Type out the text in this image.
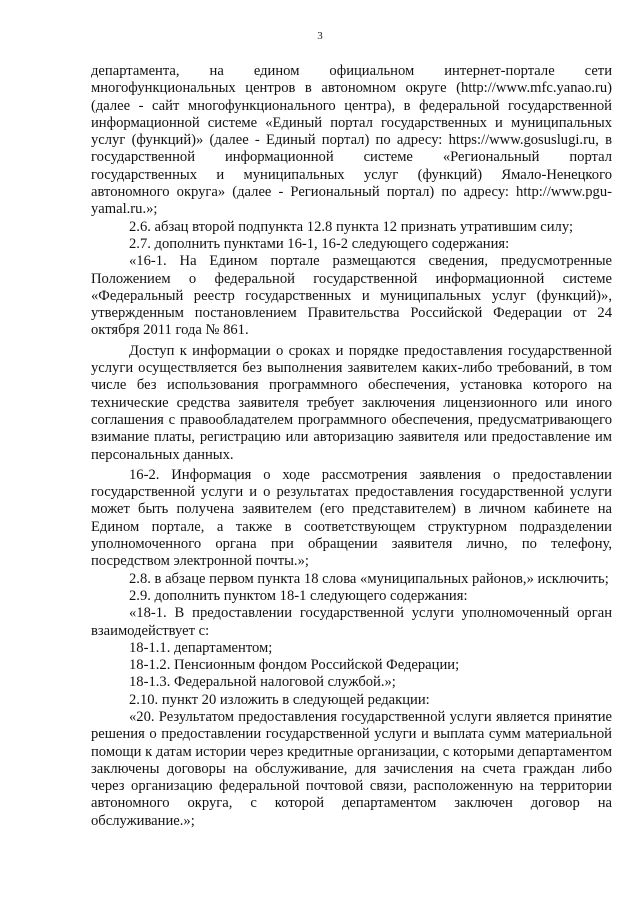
3

департамента, на едином официальном интернет-портале сети многофункциональных центров в автономном округе (http://www.mfc.yanao.ru) (далее - сайт многофункционального центра), в федеральной государственной информационной системе «Единый портал государственных и муниципальных услуг (функций)» (далее - Единый портал) по адресу: https://www.gosuslugi.ru, в государственной информационной системе «Региональный портал государственных и муниципальных услуг (функций) Ямало-Ненецкого автономного округа» (далее - Региональный портал) по адресу: http://www.pgu-yamal.ru.»;

2.6. абзац второй подпункта 12.8 пункта 12 признать утратившим силу;

2.7. дополнить пунктами 16-1, 16-2 следующего содержания:

«16-1. На Едином портале размещаются сведения, предусмотренные Положением о федеральной государственной информационной системе «Федеральный реестр государственных и муниципальных услуг (функций)», утвержденным постановлением Правительства Российской Федерации от 24 октября 2011 года № 861.

Доступ к информации о сроках и порядке предоставления государственной услуги осуществляется без выполнения заявителем каких-либо требований, в том числе без использования программного обеспечения, установка которого на технические средства заявителя требует заключения лицензионного или иного соглашения с правообладателем программного обеспечения, предусматривающего взимание платы, регистрацию или авторизацию заявителя или предоставление им персональных данных.

16-2. Информация о ходе рассмотрения заявления о предоставлении государственной услуги и о результатах предоставления государственной услуги может быть получена заявителем (его представителем) в личном кабинете на Едином портале, а также в соответствующем структурном подразделении уполномоченного органа при обращении заявителя лично, по телефону, посредством электронной почты.»;

2.8. в абзаце первом пункта 18 слова «муниципальных районов,» исключить;

2.9. дополнить пунктом 18-1 следующего содержания:

«18-1. В предоставлении государственной услуги уполномоченный орган взаимодействует с:

18-1.1. департаментом;

18-1.2. Пенсионным фондом Российской Федерации;

18-1.3. Федеральной налоговой службой.»;

2.10. пункт 20 изложить в следующей редакции:

«20. Результатом предоставления государственной услуги является принятие решения о предоставлении государственной услуги и выплата сумм материальной помощи к датам истории через кредитные организации, с которыми департаментом заключены договоры на обслуживание, для зачисления на счета граждан либо через организацию федеральной почтовой связи, расположенную на территории автономного округа, с которой департаментом заключен договор на обслуживание.»;
